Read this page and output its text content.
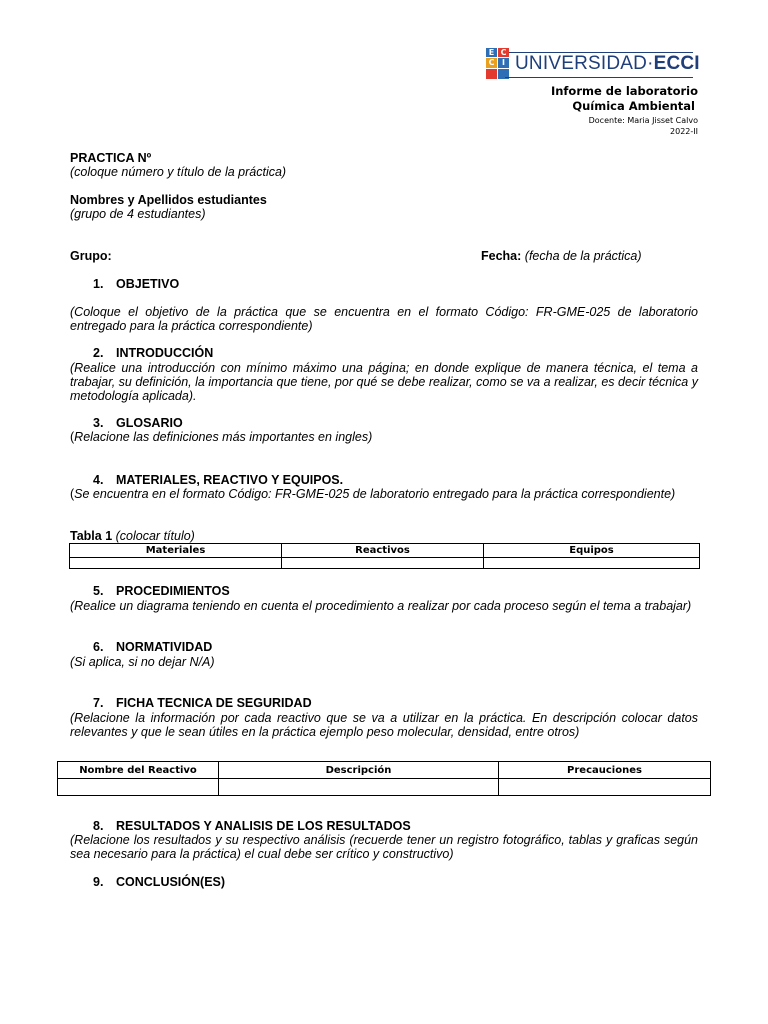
E C
C I UNIVERSIDAD·ECCI
Informe de laboratorio
Química Ambiental
Docente: Maria Jisset Calvo
2022-II
PRACTICA Nº
(coloque número y título de la práctica)
Nombres y Apellidos estudiantes
(grupo de 4 estudiantes)
Grupo:	Fecha: (fecha de la práctica)
1. OBJETIVO
(Coloque el objetivo de la práctica que se encuentra en el formato Código: FR-GME-025 de laboratorio entregado para la práctica correspondiente)
2. INTRODUCCIÓN
(Realice una introducción con mínimo máximo una página; en donde explique de manera técnica, el tema a trabajar, su definición, la importancia que tiene, por qué se debe realizar, como se va a realizar, es decir técnica y metodología aplicada).
3. GLOSARIO
(Relacione las definiciones más importantes en ingles)
4. MATERIALES, REACTIVO Y EQUIPOS.
(Se encuentra en el formato Código: FR-GME-025 de laboratorio entregado para la práctica correspondiente)
Tabla 1 (colocar título)
Materiales	Reactivos	Equipos

5. PROCEDIMIENTOS
(Realice un diagrama teniendo en cuenta el procedimiento a realizar por cada proceso según el tema a trabajar)
6. NORMATIVIDAD
(Si aplica, si no dejar N/A)
7. FICHA TECNICA DE SEGURIDAD
(Relacione la información por cada reactivo que se va a utilizar en la práctica. En descripción colocar datos relevantes y que le sean útiles en la práctica ejemplo peso molecular, densidad, entre otros)
Nombre del Reactivo	Descripción	Precauciones

8. RESULTADOS Y ANALISIS DE LOS RESULTADOS
(Relacione los resultados y su respectivo análisis (recuerde tener un registro fotográfico, tablas y graficas según sea necesario para la práctica) el cual debe ser crítico y constructivo)
9. CONCLUSIÓN(ES)
